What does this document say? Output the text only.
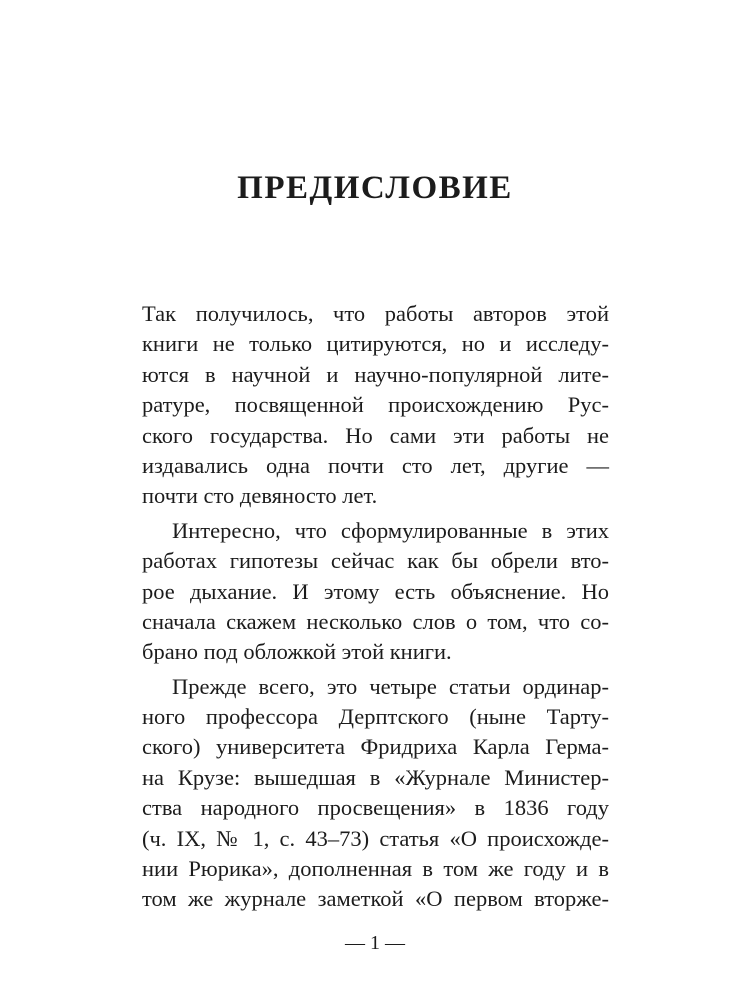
ПРЕДИСЛОВИЕ

Так получилось, что работы авторов этой
книги не только цитируются, но и исследу-
ются в научной и научно-популярной лите-
ратуре, посвященной происхождению Рус-
ского государства. Но сами эти работы не
издавались одна почти сто лет, другие —
почти сто девяносто лет.

Интересно, что сформулированные в этих
работах гипотезы сейчас как бы обрели вто-
рое дыхание. И этому есть объяснение. Но
сначала скажем несколько слов о том, что со-
брано под обложкой этой книги.

Прежде всего, это четыре статьи ординар-
ного профессора Дерптского (ныне Тарту-
ского) университета Фридриха Карла Герма-
на Крузе: вышедшая в «Журнале Министер-
ства народного просвещения» в 1836 году
(ч. IX, № 1, с. 43–73) статья «О происхожде-
нии Рюрика», дополненная в том же году и в
том же журнале заметкой «О первом вторже-

— 1 —
